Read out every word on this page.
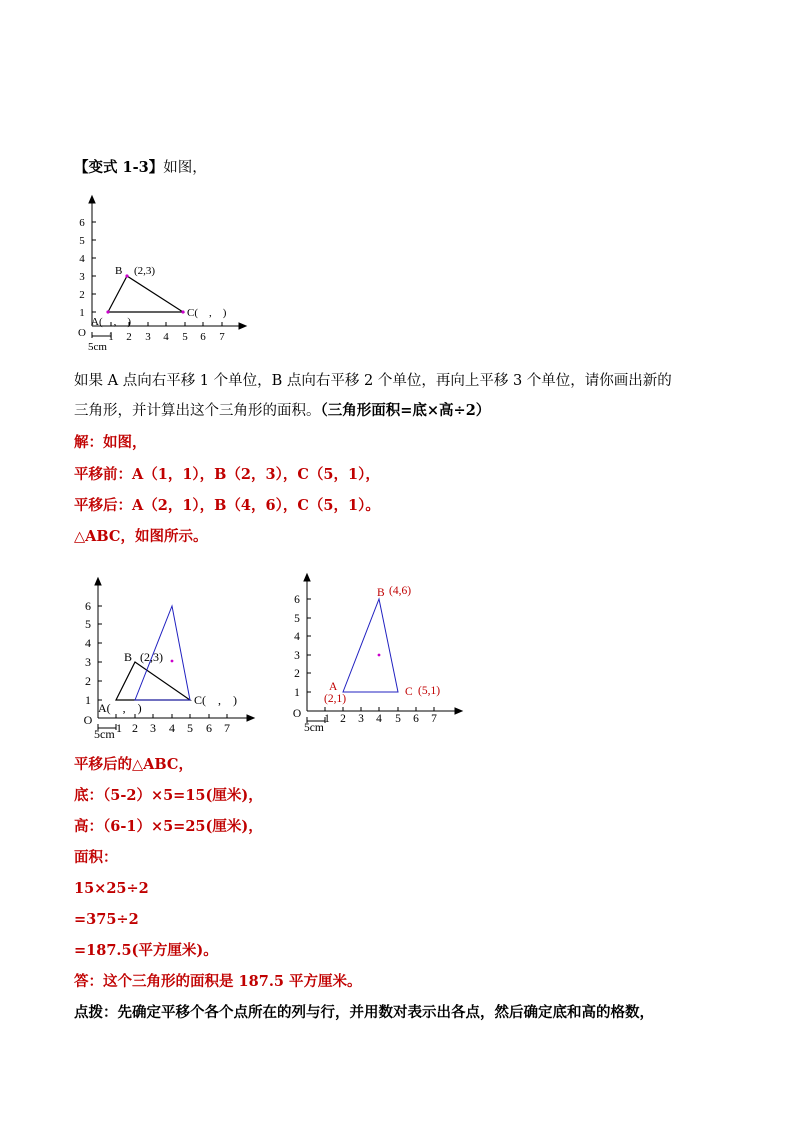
【变式 1-3】如图，
1 2 3 4 5 6 7
1
2
3
4
5
6
O
5cm
A(　,　)
B (2,3)
C(　,　)
如果 A 点向右平移 1 个单位，B 点向右平移 2 个单位，再向上平移 3 个单位，请你画出新的
三角形，并计算出这个三角形的面积。（三角形面积=底×高÷2）
解：如图，
平移前：A（1，1），B（2，3），C（5，1），
平移后：A（2，1），B（4，6），C（5，1）。
△ABC，如图所示。
1 2 3 4 5 6 7
1
2
3
4
5
6
O
5cm
A(　,　)
B (2,3)
C(　,　)
1 2 3 4 5 6 7
1
2
3
4
5
6
O
5cm
A
(2,1)
B (4,6)
C (5,1)
平移后的△ABC，
底：（5-2）×5=15(厘米)，
高：（6-1）×5=25(厘米)，
面积：
15×25÷2
=375÷2
=187.5(平方厘米)。
答：这个三角形的面积是 187.5 平方厘米。
点拨：先确定平移个各个点所在的列与行，并用数对表示出各点，然后确定底和高的格数，
